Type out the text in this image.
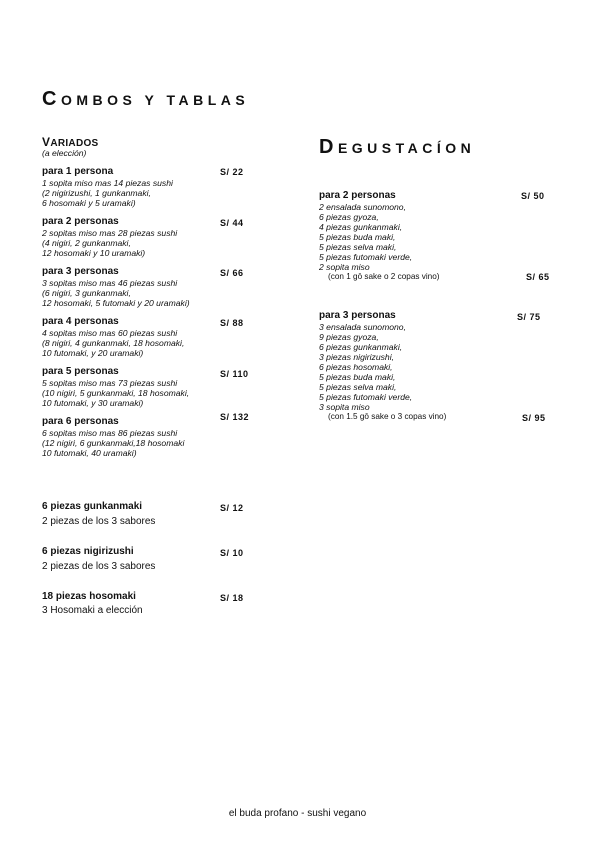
COMBOS Y TABLAS
VARIADOS
(a elección)
para 1 persona	S/ 22
1 sopita miso mas 14 piezas sushi
(2 nigirizushi, 1 gunkanmaki,
6 hosomaki y 5 uramaki)
para 2 personas	S/ 44
2 sopitas miso mas 28 piezas sushi
(4 nigiri, 2 gunkanmaki,
12 hosomaki y 10 uramaki)
para 3 personas	S/ 66
3 sopitas miso mas 46 piezas sushi
(6 nigiri, 3 gunkanmaki,
12 hosomaki, 5 futomaki y 20 uramaki)
para 4 personas	S/ 88
4 sopitas miso mas 60 piezas sushi
(8 nigiri, 4 gunkanmaki, 18 hosomaki,
10 futomaki, y 20 uramaki)
para 5 personas	S/ 110
5 sopitas miso mas 73 piezas sushi
(10 nigiri, 5 gunkanmaki, 18 hosomaki,
10 futomaki, y 30 uramaki)
para 6 personas	S/ 132
6 sopitas miso mas 86 piezas sushi
(12 nigiri, 6 gunkanmaki,18 hosomaki
10 futomaki, 40 uramaki)
6 piezas gunkanmaki	S/ 12
2 piezas de los 3 sabores
6 piezas nigirizushi	S/ 10
2 piezas de los 3 sabores
18 piezas hosomaki	S/ 18
3 Hosomaki a elección
DEGUSTACÍON
para 2 personas	S/ 50
2 ensalada sunomono,
6 piezas gyoza,
4 piezas gunkanmaki,
5 piezas buda maki,
5 piezas selva maki,
5 piezas futomaki verde,
2 sopita miso
(con 1 gō sake o 2 copas vino)	S/ 65
para 3 personas	S/ 75
3 ensalada sunomono,
9 piezas gyoza,
6 piezas gunkanmaki,
3 piezas nigirizushi,
6 piezas hosomaki,
5 piezas buda maki,
5 piezas selva maki,
5 piezas futomaki verde,
3 sopita miso
(con 1.5 gō sake o 3 copas vino)	S/ 95
el buda profano - sushi vegano
